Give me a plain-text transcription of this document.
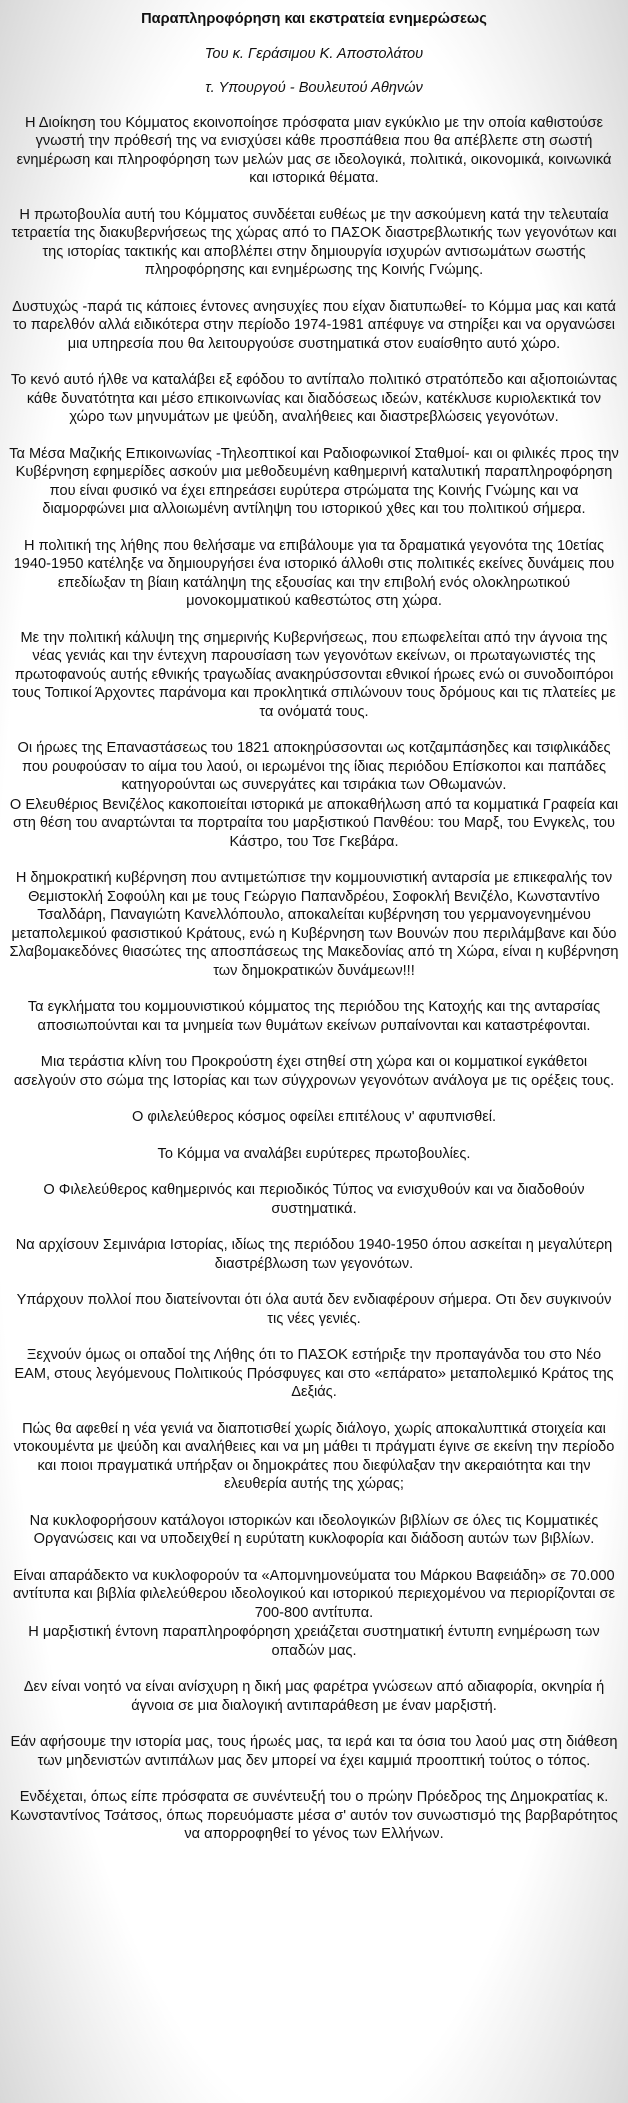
Παραπληροφόρηση και εκστρατεία ενημερώσεως
Του κ. Γεράσιμου Κ. Αποστολάτου
τ. Υπουργού - Βουλευτού Αθηνών
Η Διοίκηση του Κόμματος εκοινοποίησε πρόσφατα μιαν εγκύκλιο με την οποία καθιστούσε γνωστή την πρόθεσή της να ενισχύσει κάθε προσπάθεια που θα απέβλεπε στη σωστή ενημέρωση και πληροφόρηση των μελών μας σε ιδεολογικά, πολιτικά, οικονομικά, κοινωνικά και ιστορικά θέματα.
Η πρωτοβουλία αυτή του Κόμματος συνδέεται ευθέως με την ασκούμενη κατά την τελευταία τετραετία της διακυβερνήσεως της χώρας από το ΠΑΣΟΚ διαστρεβλωτικής των γεγονότων και της ιστορίας τακτικής και αποβλέπει στην δημιουργία ισχυρών αντισωμάτων σωστής πληροφόρησης και ενημέρωσης της Κοινής Γνώμης.
Δυστυχώς -παρά τις κάποιες έντονες ανησυχίες που είχαν διατυπωθεί- το Κόμμα μας και κατά το παρελθόν αλλά ειδικότερα στην περίοδο 1974-1981 απέφυγε να στηρίξει και να οργανώσει μια υπηρεσία που θα λειτουργούσε συστηματικά στον ευαίσθητο αυτό χώρο.
Το κενό αυτό ήλθε να καταλάβει εξ εφόδου το αντίπαλο πολιτικό στρατόπεδο και αξιοποιώντας κάθε δυνατότητα και μέσο επικοινωνίας και διαδόσεως ιδεών, κατέκλυσε κυριολεκτικά τον χώρο των μηνυμάτων με ψεύδη, αναλήθειες και διαστρεβλώσεις γεγονότων.
Τα Μέσα Μαζικής Επικοινωνίας -Τηλεοπτικοί και Ραδιοφωνικοί Σταθμοί- και οι φιλικές προς την Κυβέρνηση εφημερίδες ασκούν μια μεθοδευμένη καθημερινή καταλυτική παραπληροφόρηση που είναι φυσικό να έχει επηρεάσει ευρύτερα στρώματα της Κοινής Γνώμης και να διαμορφώνει μια αλλοιωμένη αντίληψη του ιστορικού χθες και του πολιτικού σήμερα.
Η πολιτική της λήθης που θελήσαμε να επιβάλουμε για τα δραματικά γεγονότα της 10ετίας 1940-1950 κατέληξε να δημιουργήσει ένα ιστορικό άλλοθι στις πολιτικές εκείνες δυνάμεις που επεδίωξαν τη βίαιη κατάληψη της εξουσίας και την επιβολή ενός ολοκληρωτικού μονοκομματικού καθεστώτος στη χώρα.
Με την πολιτική κάλυψη της σημερινής Κυβερνήσεως, που επωφελείται από την άγνοια της νέας γενιάς και την έντεχνη παρουσίαση των γεγονότων εκείνων, οι πρωταγωνιστές της πρωτοφανούς αυτής εθνικής τραγωδίας ανακηρύσσονται εθνικοί ήρωες ενώ οι συνοδοιπόροι τους Τοπικοί Άρχοντες παράνομα και προκλητικά σπιλώνουν τους δρόμους και τις πλατείες με τα ονόματά τους.
Οι ήρωες της Επαναστάσεως του 1821 αποκηρύσσονται ως κοτζαμπάσηδες και τσιφλικάδες που ρουφούσαν το αίμα του λαού, οι ιερωμένοι της ίδιας περιόδου Επίσκοποι και παπάδες κατηγορούνται ως συνεργάτες και τσιράκια των Οθωμανών.
Ο Ελευθέριος Βενιζέλος κακοποιείται ιστορικά με αποκαθήλωση από τα κομματικά Γραφεία και στη θέση του αναρτώνται τα πορτραίτα του μαρξιστικού Πανθέου: του Μαρξ, του Ενγκελς, του Κάστρο, του Τσε Γκεβάρα.
Η δημοκρατική κυβέρνηση που αντιμετώπισε την κομμουνιστική ανταρσία με επικεφαλής τον Θεμιστοκλή Σοφούλη και με τους Γεώργιο Παπανδρέου, Σοφοκλή Βενιζέλο, Κωνσταντίνο Τσαλδάρη, Παναγιώτη Κανελλόπουλο, αποκαλείται κυβέρνηση του γερμανογενημένου μεταπολεμικού φασιστικού Κράτους, ενώ η Κυβέρνηση των Βουνών που περιλάμβανε και δύο Σλαβομακεδόνες θιασώτες της αποσπάσεως της Μακεδονίας από τη Χώρα, είναι η κυβέρνηση των δημοκρατικών δυνάμεων!!!
Τα εγκλήματα του κομμουνιστικού κόμματος της περιόδου της Κατοχής και της ανταρσίας αποσιωπούνται και τα μνημεία των θυμάτων εκείνων ρυπαίνονται και καταστρέφονται.
Μια τεράστια κλίνη του Προκρούστη έχει στηθεί στη χώρα και οι κομματικοί εγκάθετοι ασελγούν στο σώμα της Ιστορίας και των σύγχρονων γεγονότων ανάλογα με τις ορέξεις τους.
Ο φιλελεύθερος κόσμος οφείλει επιτέλους ν' αφυπνισθεί.
Το Κόμμα να αναλάβει ευρύτερες πρωτοβουλίες.
Ο Φιλελεύθερος καθημερινός και περιοδικός Τύπος να ενισχυθούν και να διαδοθούν συστηματικά.
Να αρχίσουν Σεμινάρια Ιστορίας, ιδίως της περιόδου 1940-1950 όπου ασκείται η μεγαλύτερη διαστρέβλωση των γεγονότων.
Υπάρχουν πολλοί που διατείνονται ότι όλα αυτά δεν ενδιαφέρουν σήμερα. Οτι δεν συγκινούν τις νέες γενιές.
Ξεχνούν όμως οι οπαδοί της Λήθης ότι το ΠΑΣΟΚ εστήριξε την προπαγάνδα του στο Νέο ΕΑΜ, στους λεγόμενους Πολιτικούς Πρόσφυγες και στο «επάρατο» μεταπολεμικό Κράτος της Δεξιάς.
Πώς θα αφεθεί η νέα γενιά να διαποτισθεί χωρίς διάλογο, χωρίς αποκαλυπτικά στοιχεία και ντοκουμέντα με ψεύδη και αναλήθειες και να μη μάθει τι πράγματι έγινε σε εκείνη την περίοδο και ποιοι πραγματικά υπήρξαν οι δημοκράτες που διεφύλαξαν την ακεραιότητα και την ελευθερία αυτής της χώρας;
Να κυκλοφορήσουν κατάλογοι ιστορικών και ιδεολογικών βιβλίων σε όλες τις Κομματικές Οργανώσεις και να υποδειχθεί η ευρύτατη κυκλοφορία και διάδοση αυτών των βιβλίων.
Είναι απαράδεκτο να κυκλοφορούν τα «Απομνημονεύματα του Μάρκου Βαφειάδη» σε 70.000 αντίτυπα και βιβλία φιλελεύθερου ιδεολογικού και ιστορικού περιεχομένου να περιορίζονται σε 700-800 αντίτυπα.
Η μαρξιστική έντονη παραπληροφόρηση χρειάζεται συστηματική έντυπη ενημέρωση των οπαδών μας.
Δεν είναι νοητό να είναι ανίσχυρη η δική μας φαρέτρα γνώσεων από αδιαφορία, οκνηρία ή άγνοια σε μια διαλογική αντιπαράθεση με έναν μαρξιστή.
Εάν αφήσουμε την ιστορία μας, τους ήρωές μας, τα ιερά και τα όσια του λαού μας στη διάθεση των μηδενιστών αντιπάλων μας δεν μπορεί να έχει καμμιά προοπτική τούτος ο τόπος.
Ενδέχεται, όπως είπε πρόσφατα σε συνέντευξή του ο πρώην Πρόεδρος της Δημοκρατίας κ. Κωνσταντίνος Τσάτσος, όπως πορευόμαστε μέσα σ' αυτόν τον συνωστισμό της βαρβαρότητος να απορροφηθεί το γένος των Ελλήνων.
